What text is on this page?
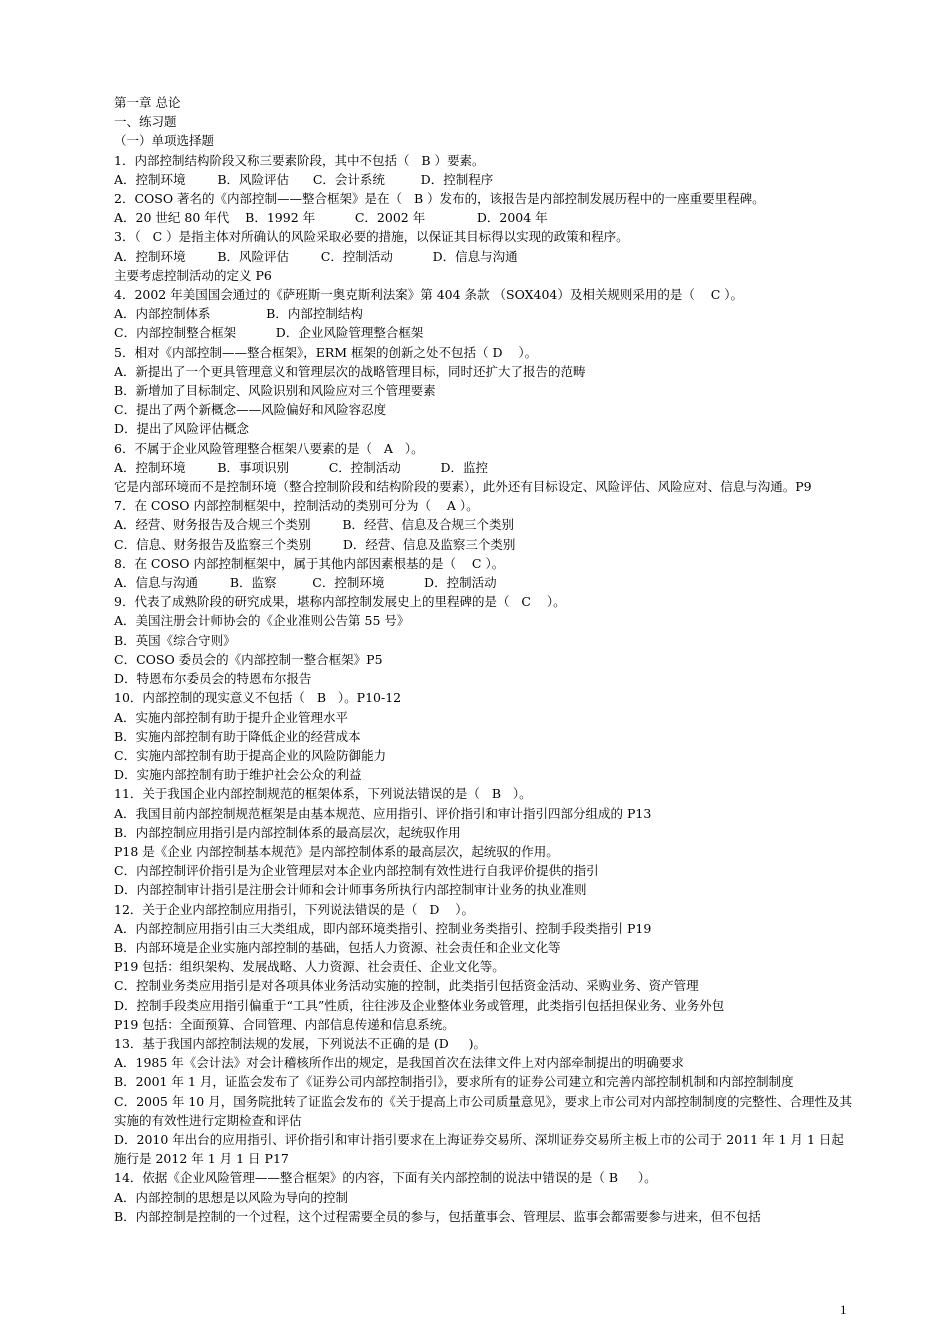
第一章 总论
一、练习题
（一）单项选择题
1．内部控制结构阶段又称三要素阶段，其中不包括（   B ）要素。
A．控制环境        B．风险评估      C．会计系统         D．控制程序
2．COSO 著名的《内部控制——整合框架》是在（   B ）发布的，该报告是内部控制发展历程中的一座重要里程碑。
A．20 世纪 80 年代    B．1992 年          C．2002 年             D．2004 年
3．（   C ）是指主体对所确认的风险采取必要的措施，以保证其目标得以实现的政策和程序。
A．控制环境        B．风险评估        C．控制活动          D．信息与沟通
主要考虑控制活动的定义 P6
4．2002 年美国国会通过的《萨班斯一奥克斯利法案》第 404 条款 （SOX404）及相关规则采用的是（    C ）。
A．内部控制体系              B．内部控制结构
C．内部控制整合框架          D．企业风险管理整合框架
5．相对《内部控制——整合框架》，ERM 框架的创新之处不包括（ D    ）。
A．新提出了一个更具管理意义和管理层次的战略管理目标，同时还扩大了报告的范畴
B．新增加了目标制定、风险识别和风险应对三个管理要素
C．提出了两个新概念——风险偏好和风险容忍度
D．提出了风险评估概念
6．不属于企业风险管理整合框架八要素的是（   A   ）。
A．控制环境        B．事项识别          C．控制活动          D．监控
它是内部环境而不是控制环境（整合控制阶段和结构阶段的要素），此外还有目标设定、风险评估、风险应对、信息与沟通。P9
7．在 COSO 内部控制框架中，控制活动的类别可分为（    A ）。
A．经营、财务报告及合规三个类别        B．经营、信息及合规三个类别
C．信息、财务报告及监察三个类别        D．经营、信息及监察三个类别
8．在 COSO 内部控制框架中，属于其他内部因素根基的是（    C ）。
A．信息与沟通        B．监察         C．控制环境          D．控制活动
9．代表了成熟阶段的研究成果，堪称内部控制发展史上的里程碑的是（   C    ）。
A．美国注册会计师协会的《企业准则公告第 55 号》
B．英国《综合守则》
C．COSO 委员会的《内部控制一整合框架》P5
D．特恩布尔委员会的特恩布尔报告
10．内部控制的现实意义不包括（   B   ）。P10-12
A．实施内部控制有助于提升企业管理水平
B．实施内部控制有助于降低企业的经营成本
C．实施内部控制有助于提高企业的风险防御能力
D．实施内部控制有助于维护社会公众的利益
11．关于我国企业内部控制规范的框架体系，下列说法错误的是（   B   ）。
A．我国目前内部控制规范框架是由基本规范、应用指引、评价指引和审计指引四部分组成的 P13
B．内部控制应用指引是内部控制体系的最高层次，起统驭作用
P18 是《企业 内部控制基本规范》是内部控制体系的最高层次，起统驭的作用。
C．内部控制评价指引是为企业管理层对本企业内部控制有效性进行自我评价提供的指引
D．内部控制审计指引是注册会计师和会计师事务所执行内部控制审计业务的执业准则
12．关于企业内部控制应用指引，下列说法错误的是（   D    ）。
A．内部控制应用指引由三大类组成，即内部环境类指引、控制业务类指引、控制手段类指引 P19
B．内部环境是企业实施内部控制的基础，包括人力资源、社会责任和企业文化等
P19 包括：组织架构、发展战略、人力资源、社会责任、企业文化等。
C．控制业务类应用指引是对各项具体业务活动实施的控制，此类指引包括资金活动、采购业务、资产管理
D．控制手段类应用指引偏重于“工具”性质，往往涉及企业整体业务或管理，此类指引包括担保业务、业务外包
P19 包括：全面预算、合同管理、内部信息传递和信息系统。
13．基于我国内部控制法规的发展，下列说法不正确的是 (D     )。
A．1985 年《会计法》对会计稽核所作出的规定，是我国首次在法律文件上对内部牵制提出的明确要求
B．2001 年 1 月，证监会发布了《证券公司内部控制指引》，要求所有的证券公司建立和完善内部控制机制和内部控制制度
C．2005 年 10 月，国务院批转了证监会发布的《关于提高上市公司质量意见》，要求上市公司对内部控制制度的完整性、合理性及其实施的有效性进行定期检查和评估
D．2010 年出台的应用指引、评价指引和审计指引要求在上海证券交易所、深圳证券交易所主板上市的公司于 2011 年 1 月 1 日起施行是 2012 年 1 月 1 日 P17
14．依据《企业风险管理——整合框架》的内容，下面有关内部控制的说法中错误的是（ B     ）。
A．内部控制的思想是以风险为导向的控制
B．内部控制是控制的一个过程，这个过程需要全员的参与，包括董事会、管理层、监事会都需要参与进来，但不包括
1
